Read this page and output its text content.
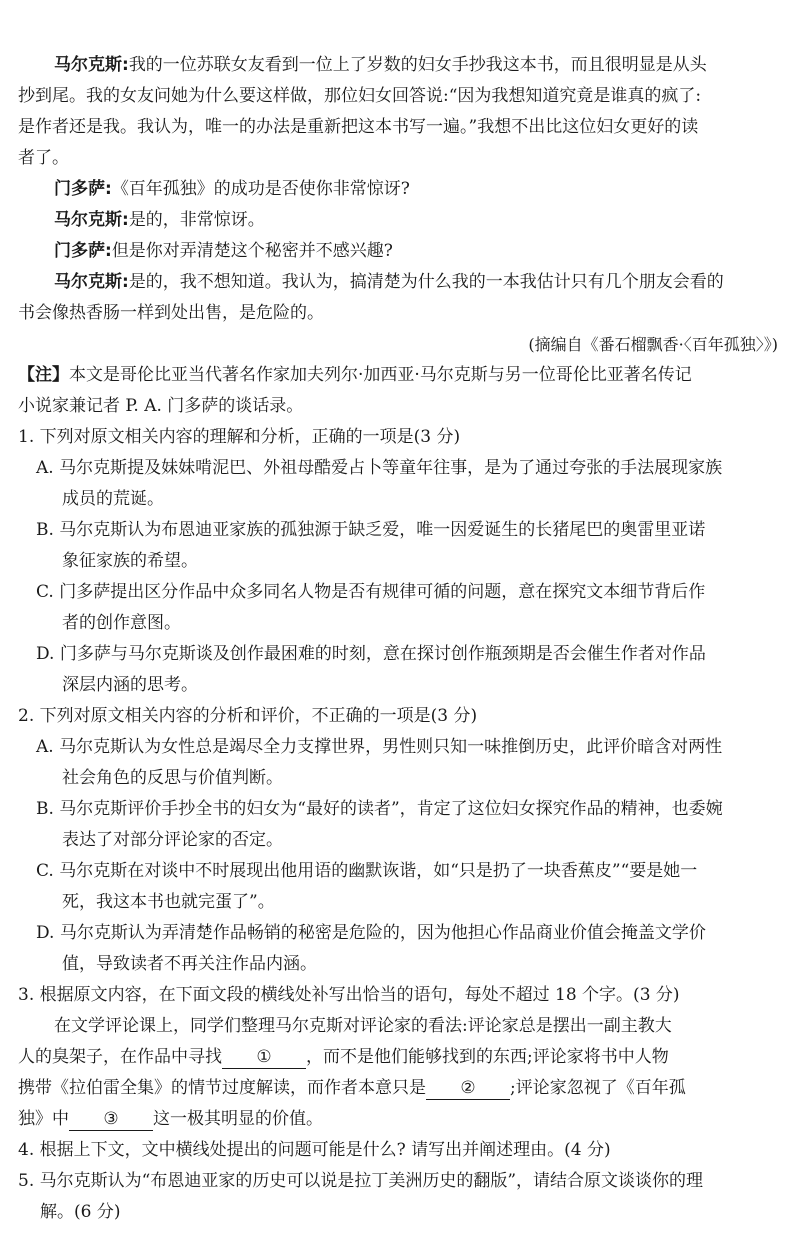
马尔克斯:我的一位苏联女友看到一位上了岁数的妇女手抄我这本书，而且很明显是从头
抄到尾。我的女友问她为什么要这样做，那位妇女回答说:“因为我想知道究竟是谁真的疯了:
是作者还是我。我认为，唯一的办法是重新把这本书写一遍。”我想不出比这位妇女更好的读
者了。
门多萨:《百年孤独》的成功是否使你非常惊讶?
马尔克斯:是的，非常惊讶。
门多萨:但是你对弄清楚这个秘密并不感兴趣?
马尔克斯:是的，我不想知道。我认为，搞清楚为什么我的一本我估计只有几个朋友会看的
书会像热香肠一样到处出售，是危险的。
(摘编自《番石榴飘香·〈百年孤独〉》)
【注】本文是哥伦比亚当代著名作家加夫列尔·加西亚·马尔克斯与另一位哥伦比亚著名传记
小说家兼记者 P. A. 门多萨的谈话录。
1. 下列对原文相关内容的理解和分析，正确的一项是(3 分)
A. 马尔克斯提及妹妹啃泥巴、外祖母酷爱占卜等童年往事，是为了通过夸张的手法展现家族
成员的荒诞。
B. 马尔克斯认为布恩迪亚家族的孤独源于缺乏爱，唯一因爱诞生的长猪尾巴的奥雷里亚诺
象征家族的希望。
C. 门多萨提出区分作品中众多同名人物是否有规律可循的问题，意在探究文本细节背后作
者的创作意图。
D. 门多萨与马尔克斯谈及创作最困难的时刻，意在探讨创作瓶颈期是否会催生作者对作品
深层内涵的思考。
2. 下列对原文相关内容的分析和评价，不正确的一项是(3 分)
A. 马尔克斯认为女性总是竭尽全力支撑世界，男性则只知一味推倒历史，此评价暗含对两性
社会角色的反思与价值判断。
B. 马尔克斯评价手抄全书的妇女为“最好的读者”，肯定了这位妇女探究作品的精神，也委婉
表达了对部分评论家的否定。
C. 马尔克斯在对谈中不时展现出他用语的幽默诙谐，如“只是扔了一块香蕉皮”“要是她一
死，我这本书也就完蛋了”。
D. 马尔克斯认为弄清楚作品畅销的秘密是危险的，因为他担心作品商业价值会掩盖文学价
值，导致读者不再关注作品内涵。
3. 根据原文内容，在下面文段的横线处补写出恰当的语句，每处不超过 18 个字。(3 分)
在文学评论课上，同学们整理马尔克斯对评论家的看法:评论家总是摆出一副主教大
人的臭架子，在作品中寻找 ① ，而不是他们能够找到的东西;评论家将书中人物
携带《拉伯雷全集》的情节过度解读，而作者本意只是 ② ;评论家忽视了《百年孤
独》中 ③ 这一极其明显的价值。
4. 根据上下文，文中横线处提出的问题可能是什么? 请写出并阐述理由。(4 分)
5. 马尔克斯认为“布恩迪亚家的历史可以说是拉丁美洲历史的翻版”，请结合原文谈谈你的理
解。(6 分)
